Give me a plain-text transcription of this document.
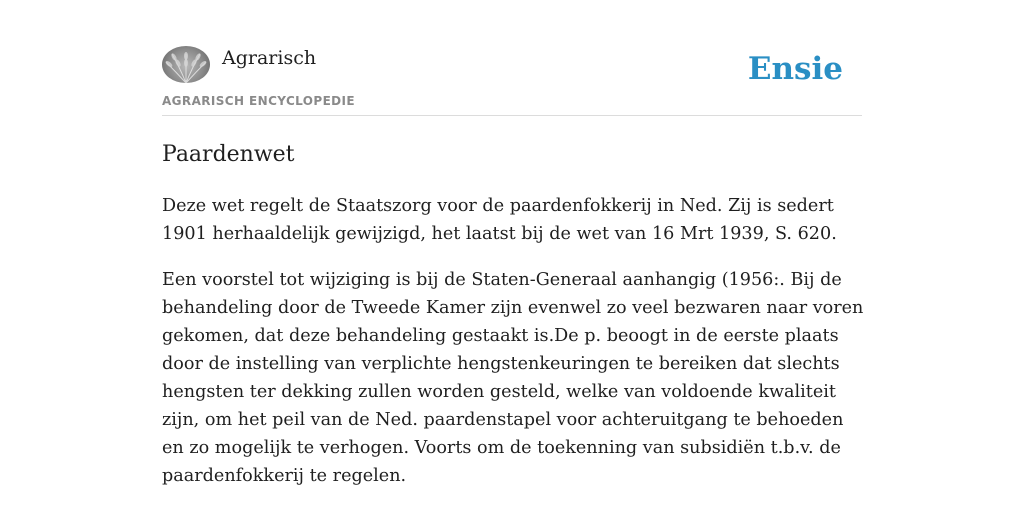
Agrarisch
AGRARISCH ENCYCLOPEDIE
Ensie
Paardenwet

Deze wet regelt de Staatszorg voor de paardenfokkerij in Ned. Zij is sedert 1901 herhaaldelijk gewijzigd, het laatst bij de wet van 16 Mrt 1939, S. 620.

Een voorstel tot wijziging is bij de Staten-Generaal aanhangig (1956:. Bij de behandeling door de Tweede Kamer zijn evenwel zo veel bezwaren naar voren gekomen, dat deze behandeling gestaakt is.De p. beoogt in de eerste plaats door de instelling van verplichte hengstenkeuringen te bereiken dat slechts hengsten ter dekking zullen worden gesteld, welke van voldoende kwaliteit zijn, om het peil van de Ned. paardenstapel voor achteruitgang te behoeden en zo mogelijk te verhogen. Voorts om de toekenning van subsidiën t.b.v. de paardenfokkerij te regelen.
